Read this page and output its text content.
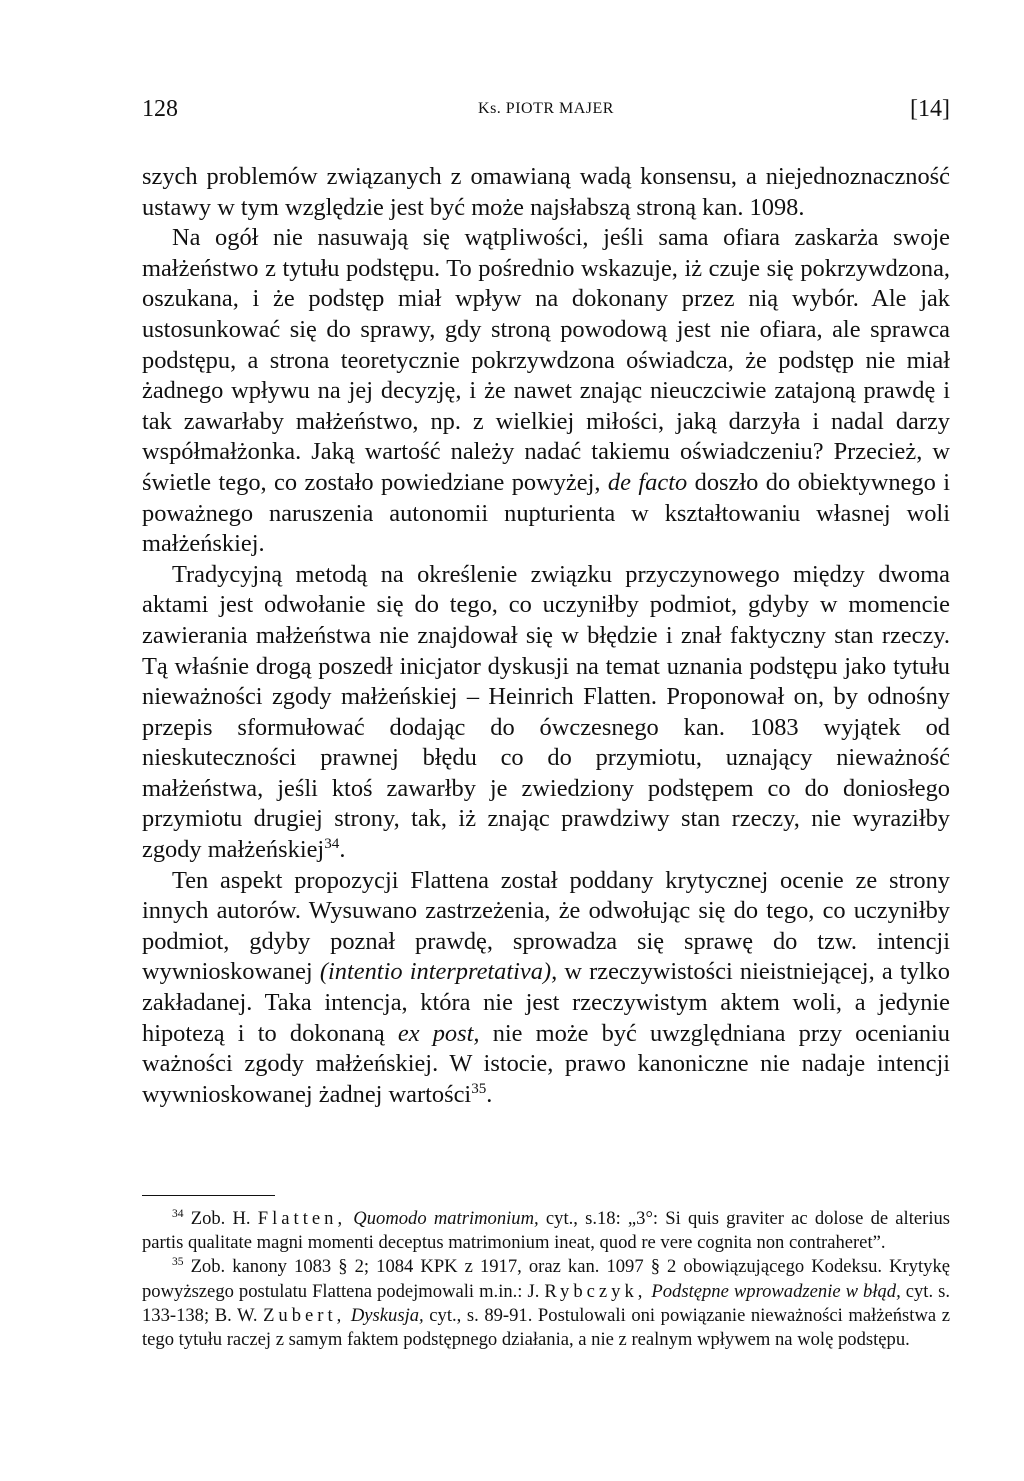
128	Ks. PIOTR MAJER	[14]

szych problemów związanych z omawianą wadą konsensu, a niejednoznaczność ustawy w tym względzie jest być może najsłabszą stroną kan. 1098.

Na ogół nie nasuwają się wątpliwości, jeśli sama ofiara zaskarża swoje małżeństwo z tytułu podstępu. To pośrednio wskazuje, iż czuje się pokrzywdzona, oszukana, i że podstęp miał wpływ na dokonany przez nią wybór. Ale jak ustosunkować się do sprawy, gdy stroną powodową jest nie ofiara, ale sprawca podstępu, a strona teoretycznie pokrzywdzona oświadcza, że podstęp nie miał żadnego wpływu na jej decyzję, i że nawet znając nieuczciwie zatajoną prawdę i tak zawarłaby małżeństwo, np. z wielkiej miłości, jaką darzyła i nadal darzy współmałżonka. Jaką wartość należy nadać takiemu oświadczeniu? Przecież, w świetle tego, co zostało powiedziane powyżej, de facto doszło do obiektywnego i poważnego naruszenia autonomii nupturienta w kształtowaniu własnej woli małżeńskiej.

Tradycyjną metodą na określenie związku przyczynowego między dwoma aktami jest odwołanie się do tego, co uczyniłby podmiot, gdyby w momencie zawierania małżeństwa nie znajdował się w błędzie i znał faktyczny stan rzeczy. Tą właśnie drogą poszedł inicjator dyskusji na temat uznania podstępu jako tytułu nieważności zgody małżeńskiej – Heinrich Flatten. Proponował on, by odnośny przepis sformułować dodając do ówczesnego kan. 1083 wyjątek od nieskuteczności prawnej błędu co do przymiotu, uznający nieważność małżeństwa, jeśli ktoś zawarłby je zwiedziony podstępem co do doniosłego przymiotu drugiej strony, tak, iż znając prawdziwy stan rzeczy, nie wyraziłby zgody małżeńskiej$^{34}$.

Ten aspekt propozycji Flattena został poddany krytycznej ocenie ze strony innych autorów. Wysuwano zastrzeżenia, że odwołując się do tego, co uczyniłby podmiot, gdyby poznał prawdę, sprowadza się sprawę do tzw. intencji wywnioskowanej (intentio interpretativa), w rzeczywistości nieistniejącej, a tylko zakładanej. Taka intencja, która nie jest rzeczywistym aktem woli, a jedynie hipotezą i to dokonaną ex post, nie może być uwzględniana przy ocenianiu ważności zgody małżeńskiej. W istocie, prawo kanoniczne nie nadaje intencji wywnioskowanej żadnej wartości$^{35}$.

$^{34}$ Zob. H. Flatten, Quomodo matrimonium, cyt., s.18: „3°: Si quis graviter ac dolose de alterius partis qualitate magni momenti deceptus matrimonium ineat, quod re vere cognita non contraheret”.

$^{35}$ Zob. kanony 1083 § 2; 1084 KPK z 1917, oraz kan. 1097 § 2 obowiązującego Kodeksu. Krytykę powyższego postulatu Flattena podejmowali m.in.: J. Rybczyk, Podstępne wprowadzenie w błąd, cyt. s. 133-138; B. W. Zubert, Dyskusja, cyt., s. 89-91. Postulowali oni powiązanie nieważności małżeństwa z tego tytułu raczej z samym faktem podstępnego działania, a nie z realnym wpływem na wolę podstępu.
